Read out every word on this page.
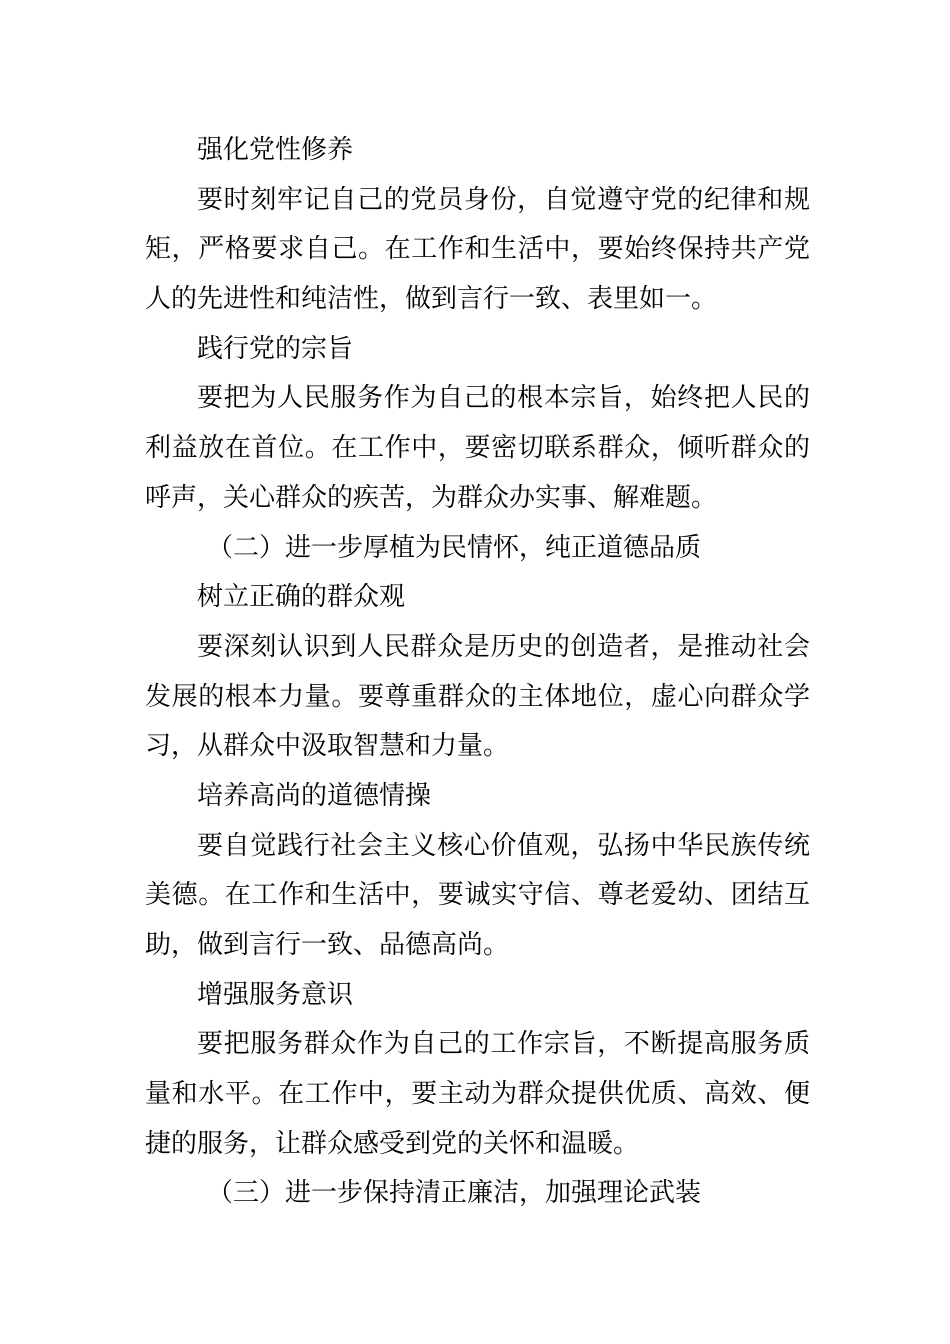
强化党性修养
要时刻牢记自己的党员身份，自觉遵守党的纪律和规
矩，严格要求自己。在工作和生活中，要始终保持共产党
人的先进性和纯洁性，做到言行一致、表里如一。
践行党的宗旨
要把为人民服务作为自己的根本宗旨，始终把人民的
利益放在首位。在工作中，要密切联系群众，倾听群众的
呼声，关心群众的疾苦，为群众办实事、解难题。
（二）进一步厚植为民情怀，纯正道德品质
树立正确的群众观
要深刻认识到人民群众是历史的创造者，是推动社会
发展的根本力量。要尊重群众的主体地位，虚心向群众学
习，从群众中汲取智慧和力量。
培养高尚的道德情操
要自觉践行社会主义核心价值观，弘扬中华民族传统
美德。在工作和生活中，要诚实守信、尊老爱幼、团结互
助，做到言行一致、品德高尚。
增强服务意识
要把服务群众作为自己的工作宗旨，不断提高服务质
量和水平。在工作中，要主动为群众提供优质、高效、便
捷的服务，让群众感受到党的关怀和温暖。
（三）进一步保持清正廉洁，加强理论武装
